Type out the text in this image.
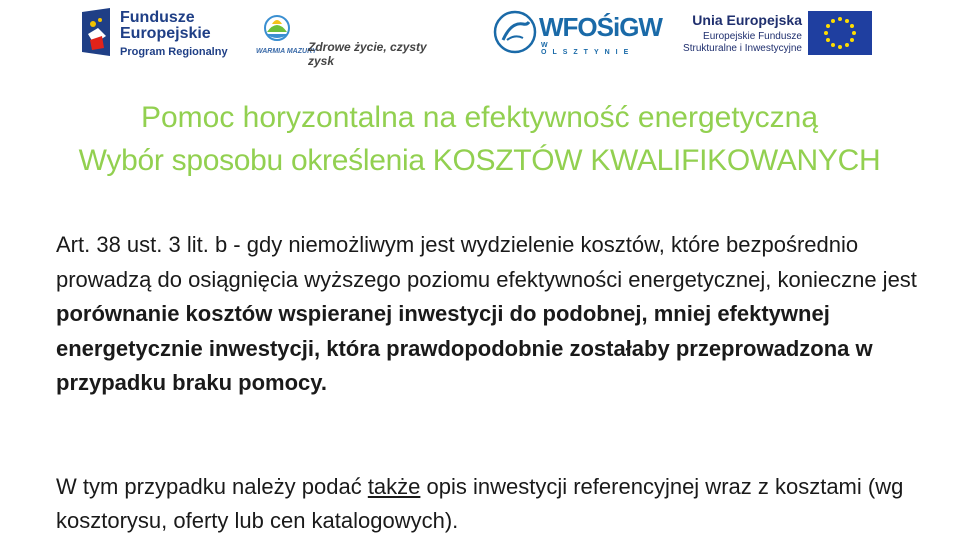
Fundusze
Europejskie
Program Regionalny	WARMIA MAZURY
Zdrowe życie, czysty zysk
WFOŚiGW
W OLSZTYNIE
Unia Europejska
Europejskie Fundusze
Strukturalne i Inwestycyjne
Pomoc horyzontalna na efektywność energetyczną
Wybór sposobu określenia KOSZTÓW KWALIFIKOWANYCH
Art. 38 ust. 3 lit. b - gdy niemożliwym jest wydzielenie kosztów, które bezpośrednio prowadzą do osiągnięcia wyższego poziomu efektywności energetycznej, konieczne jest porównanie kosztów wspieranej inwestycji do podobnej, mniej efektywnej energetycznie inwestycji, która prawdopodobnie zostałaby przeprowadzona w przypadku braku pomocy.
W tym przypadku należy podać także opis inwestycji referencyjnej wraz z kosztami (wg kosztorysu, oferty lub cen katalogowych).
